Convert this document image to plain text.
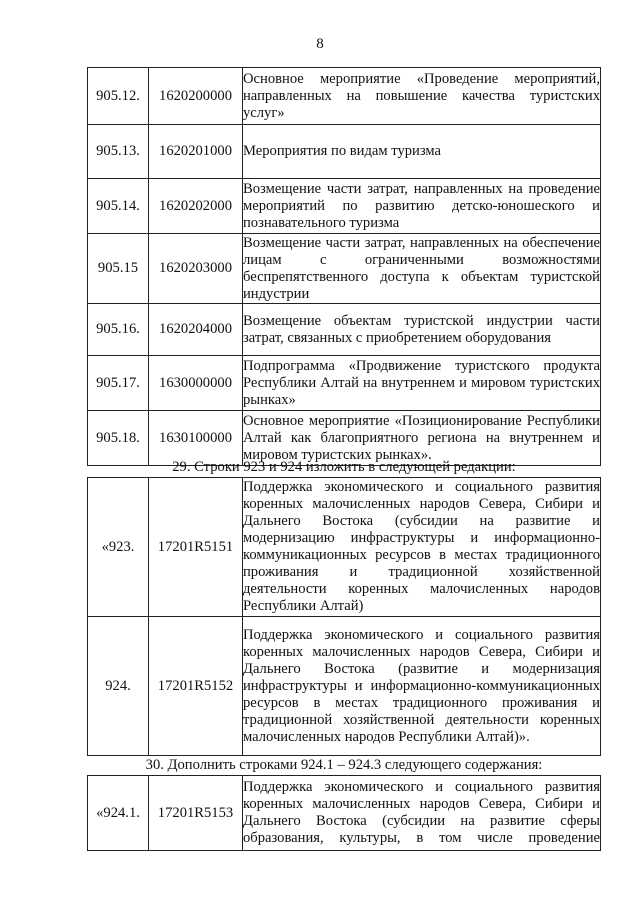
8
905.12.	1620200000	Основное мероприятие «Проведение мероприятий, направленных на повышение качества туристских услуг»
905.13.	1620201000	Мероприятия по видам туризма
905.14.	1620202000	Возмещение части затрат, направленных на проведение мероприятий по развитию детско-юношеского и познавательного туризма
905.15	1620203000	Возмещение части затрат, направленных на обеспечение лицам с ограниченными возможностями беспрепятственного доступа к объектам туристской индустрии
905.16.	1620204000	Возмещение объектам туристской индустрии части затрат, связанных с приобретением оборудования
905.17.	1630000000	Подпрограмма «Продвижение туристского продукта Республики Алтай на внутреннем и мировом туристских рынках»
905.18.	1630100000	Основное мероприятие «Позиционирование Республики Алтай как благоприятного региона на внутреннем и мировом туристских рынках».
29. Строки 923 и 924 изложить в следующей редакции:
«923.	17201R5151	Поддержка экономического и социального развития коренных малочисленных народов Севера, Сибири и Дальнего Востока (субсидии на развитие и модернизацию инфраструктуры и информационно-коммуникационных ресурсов в местах традиционного проживания и традиционной хозяйственной деятельности коренных малочисленных народов Республики Алтай)
924.	17201R5152	Поддержка экономического и социального развития коренных малочисленных народов Севера, Сибири и Дальнего Востока (развитие и модернизация инфраструктуры и информационно-коммуникационных ресурсов в местах традиционного проживания и традиционной хозяйственной деятельности коренных малочисленных народов Республики Алтай)».
30. Дополнить строками 924.1 – 924.3 следующего содержания:
«924.1.	17201R5153	Поддержка экономического и социального развития коренных малочисленных народов Севера, Сибири и Дальнего Востока (субсидии на развитие сферы образования, культуры, в том числе проведение
